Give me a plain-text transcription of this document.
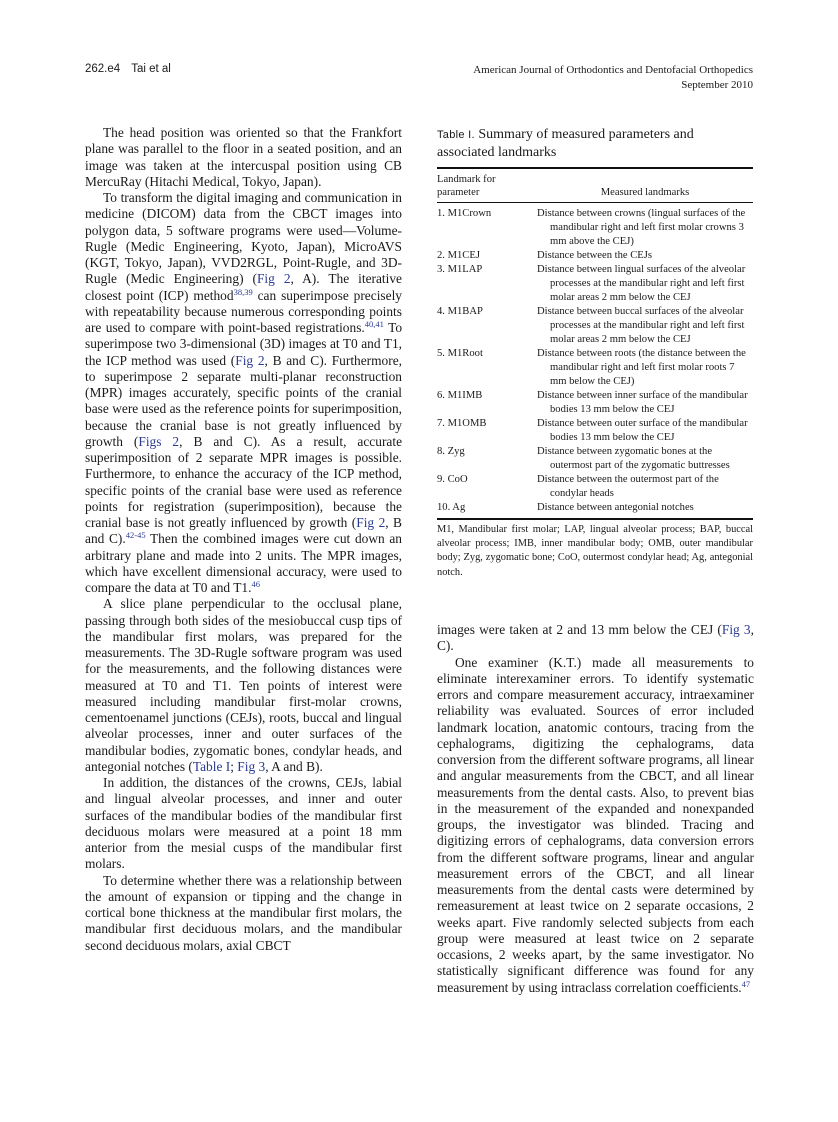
262.e4 Tai et al	American Journal of Orthodontics and Dentofacial Orthopedics
September 2010

The head position was oriented so that the Frankfort plane was parallel to the floor in a seated position, and an image was taken at the intercuspal position using CB MercuRay (Hitachi Medical, Tokyo, Japan).

To transform the digital imaging and communication in medicine (DICOM) data from the CBCT images into polygon data, 5 software programs were used—Volume-Rugle (Medic Engineering, Kyoto, Japan), MicroAVS (KGT, Tokyo, Japan), VVD2RGL, Point-Rugle, and 3D-Rugle (Medic Engineering) (Fig 2, A). The iterative closest point (ICP) method$^{38,39}$ can superimpose precisely with repeatability because numerous corresponding points are used to compare with point-based registrations.$^{40,41}$ To superimpose two 3-dimensional (3D) images at T0 and T1, the ICP method was used (Fig 2, B and C). Furthermore, to superimpose 2 separate multi-planar reconstruction (MPR) images accurately, specific points of the cranial base were used as the reference points for superimposition, because the cranial base is not greatly influenced by growth (Figs 2, B and C). As a result, accurate superimposition of 2 separate MPR images is possible. Furthermore, to enhance the accuracy of the ICP method, specific points of the cranial base were used as reference points for registration (superimposition), because the cranial base is not greatly influenced by growth (Fig 2, B and C).$^{42-45}$ Then the combined images were cut down an arbitrary plane and made into 2 units. The MPR images, which have excellent dimensional accuracy, were used to compare the data at T0 and T1.46

A slice plane perpendicular to the occlusal plane, passing through both sides of the mesiobuccal cusp tips of the mandibular first molars, was prepared for the measurements. The 3D-Rugle software program was used for the measurements, and the following distances were measured at T0 and T1. Ten points of interest were measured including mandibular first-molar crowns, cementoenamel junctions (CEJs), roots, buccal and lingual alveolar processes, inner and outer surfaces of the mandibular bodies, zygomatic bones, condylar heads, and antegonial notches (Table I; Fig 3, A and B).

In addition, the distances of the crowns, CEJs, labial and lingual alveolar processes, and inner and outer surfaces of the mandibular bodies of the mandibular first deciduous molars were measured at a point 18 mm anterior from the mesial cusps of the mandibular first molars.

To determine whether there was a relationship between the amount of expansion or tipping and the change in cortical bone thickness at the mandibular first molars, the mandibular first deciduous molars, and the mandibular second deciduous molars, axial CBCT

Table I. Summary of measured parameters and associated landmarks
Landmark for parameter	Measured landmarks
1. M1Crown	Distance between crowns (lingual surfaces of the mandibular right and left first molar crowns 3 mm above the CEJ)
2. M1CEJ	Distance between the CEJs
3. M1LAP	Distance between lingual surfaces of the alveolar processes at the mandibular right and left first molar areas 2 mm below the CEJ
4. M1BAP	Distance between buccal surfaces of the alveolar processes at the mandibular right and left first molar areas 2 mm below the CEJ
5. M1Root	Distance between roots (the distance between the mandibular right and left first molar roots 7 mm below the CEJ)
6. M1IMB	Distance between inner surface of the mandibular bodies 13 mm below the CEJ
7. M1OMB	Distance between outer surface of the mandibular bodies 13 mm below the CEJ
8. Zyg	Distance between zygomatic bones at the outermost part of the zygomatic buttresses
9. CoO	Distance between the outermost part of the condylar heads
10. Ag	Distance between antegonial notches
M1, Mandibular first molar; LAP, lingual alveolar process; BAP, buccal alveolar process; IMB, inner mandibular body; OMB, outer mandibular body; Zyg, zygomatic bone; CoO, outermost condylar head; Ag, antegonial notch.

images were taken at 2 and 13 mm below the CEJ (Fig 3, C).

One examiner (K.T.) made all measurements to eliminate interexaminer errors. To identify systematic errors and compare measurement accuracy, intraexaminer reliability was evaluated. Sources of error included landmark location, anatomic contours, tracing from the cephalograms, digitizing the cephalograms, data conversion from the different software programs, all linear and angular measurements from the CBCT, and all linear measurements from the dental casts. Also, to prevent bias in the measurement of the expanded and nonexpanded groups, the investigator was blinded. Tracing and digitizing errors of cephalograms, data conversion errors from the different software programs, linear and angular measurement errors of the CBCT, and all linear measurements from the dental casts were determined by remeasurement at least twice on 2 separate occasions, 2 weeks apart. Five randomly selected subjects from each group were measured at least twice on 2 separate occasions, 2 weeks apart, by the same investigator. No statistically significant difference was found for any measurement by using intraclass correlation coefficients.$^{47}$
